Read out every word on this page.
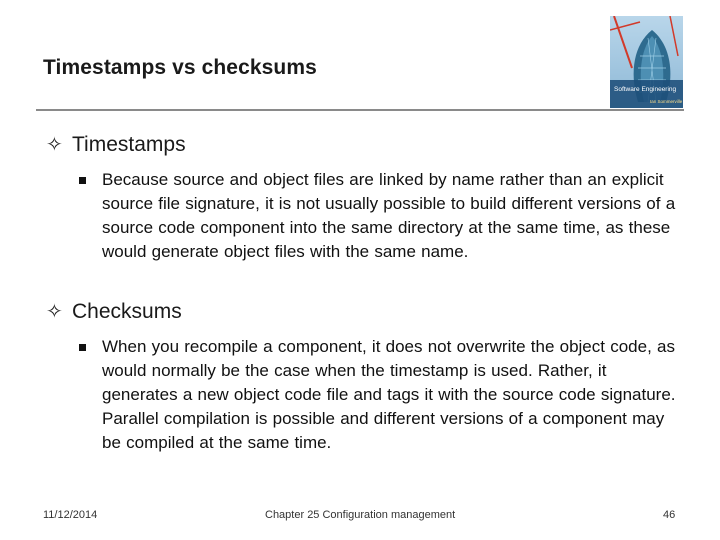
Timestamps vs checksums
Software Engineering
Ian Sommerville
✧ Timestamps
Because source and object files are linked by name rather than an explicit source file signature, it is not usually possible to build different versions of a source code component into the same directory at the same time, as these would generate object files with the same name.
✧ Checksums
When you recompile a component, it does not overwrite the object code, as would normally be the case when the timestamp is used. Rather, it generates a new object code file and tags it with the source code signature. Parallel compilation is possible and different versions of a component may be compiled at the same time.
11/12/2014	Chapter 25 Configuration management	46
